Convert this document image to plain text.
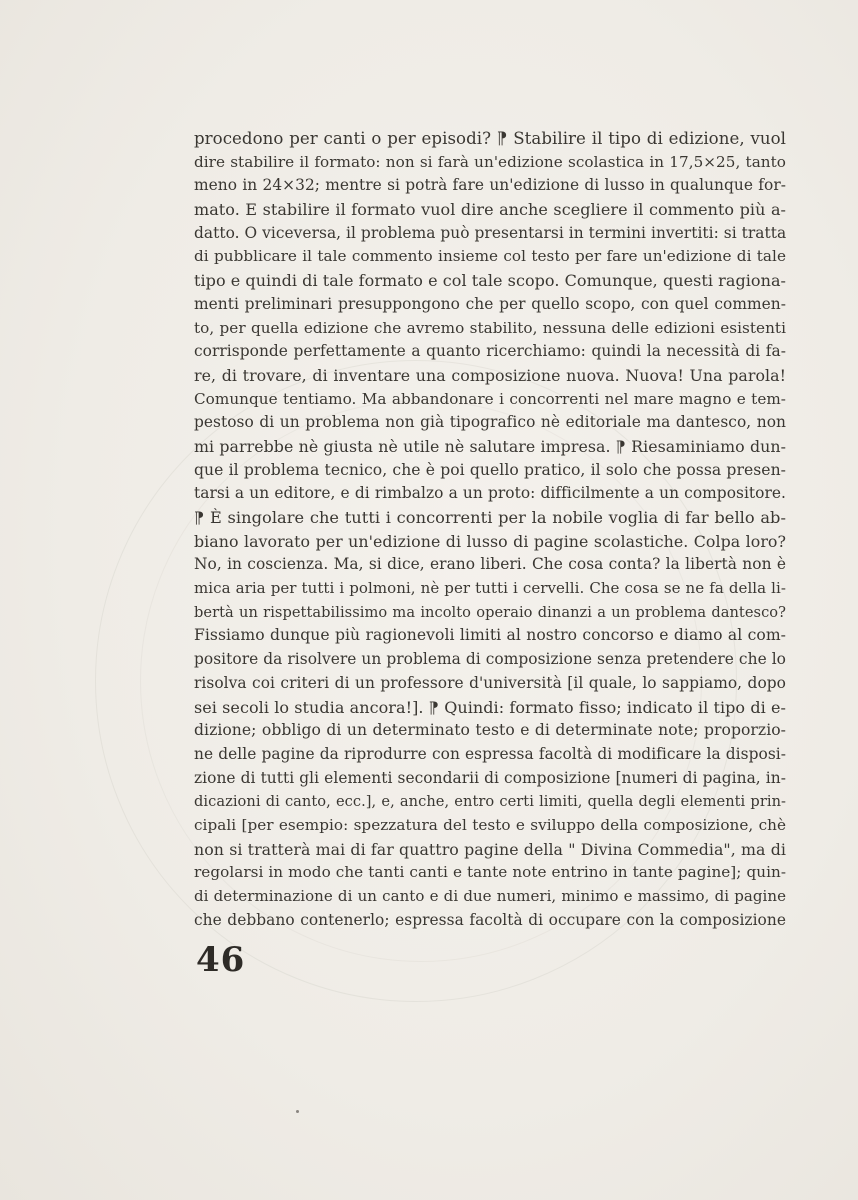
procedono per canti o per episodi? ⁋ Stabilire il tipo di edizione, vuol
dire stabilire il formato: non si farà un'edizione scolastica in 17,5×25, tanto
meno in 24×32; mentre si potrà fare un'edizione di lusso in qualunque for-
mato. E stabilire il formato vuol dire anche scegliere il commento più a-
datto. O viceversa, il problema può presentarsi in termini invertiti: si tratta
di pubblicare il tale commento insieme col testo per fare un'edizione di tale
tipo e quindi di tale formato e col tale scopo. Comunque, questi ragiona-
menti preliminari presuppongono che per quello scopo, con quel commen-
to, per quella edizione che avremo stabilito, nessuna delle edizioni esistenti
corrisponde perfettamente a quanto ricerchiamo: quindi la necessità di fa-
re, di trovare, di inventare una composizione nuova. Nuova! Una parola!
Comunque tentiamo. Ma abbandonare i concorrenti nel mare magno e tem-
pestoso di un problema non già tipografico nè editoriale ma dantesco, non
mi parrebbe nè giusta nè utile nè salutare impresa. ⁋ Riesaminiamo dun-
que il problema tecnico, che è poi quello pratico, il solo che possa presen-
tarsi a un editore, e di rimbalzo a un proto: difficilmente a un compositore.
⁋ È singolare che tutti i concorrenti per la nobile voglia di far bello ab-
biano lavorato per un'edizione di lusso di pagine scolastiche. Colpa loro?
No, in coscienza. Ma, si dice, erano liberi. Che cosa conta? la libertà non è
mica aria per tutti i polmoni, nè per tutti i cervelli. Che cosa se ne fa della li-
bertà un rispettabilissimo ma incolto operaio dinanzi a un problema dantesco?
Fissiamo dunque più ragionevoli limiti al nostro concorso e diamo al com-
positore da risolvere un problema di composizione senza pretendere che lo
risolva coi criteri di un professore d'università [il quale, lo sappiamo, dopo
sei secoli lo studia ancora!]. ⁋ Quindi: formato fisso; indicato il tipo di e-
dizione; obbligo di un determinato testo e di determinate note; proporzio-
ne delle pagine da riprodurre con espressa facoltà di modificare la disposi-
zione di tutti gli elementi secondarii di composizione [numeri di pagina, in-
dicazioni di canto, ecc.], e, anche, entro certi limiti, quella degli elementi prin-
cipali [per esempio: spezzatura del testo e sviluppo della composizione, chè
non si tratterà mai di far quattro pagine della " Divina Commedia", ma di
regolarsi in modo che tanti canti e tante note entrino in tante pagine]; quin-
di determinazione di un canto e di due numeri, minimo e massimo, di pagine
che debbano contenerlo; espressa facoltà di occupare con la composizione
46
